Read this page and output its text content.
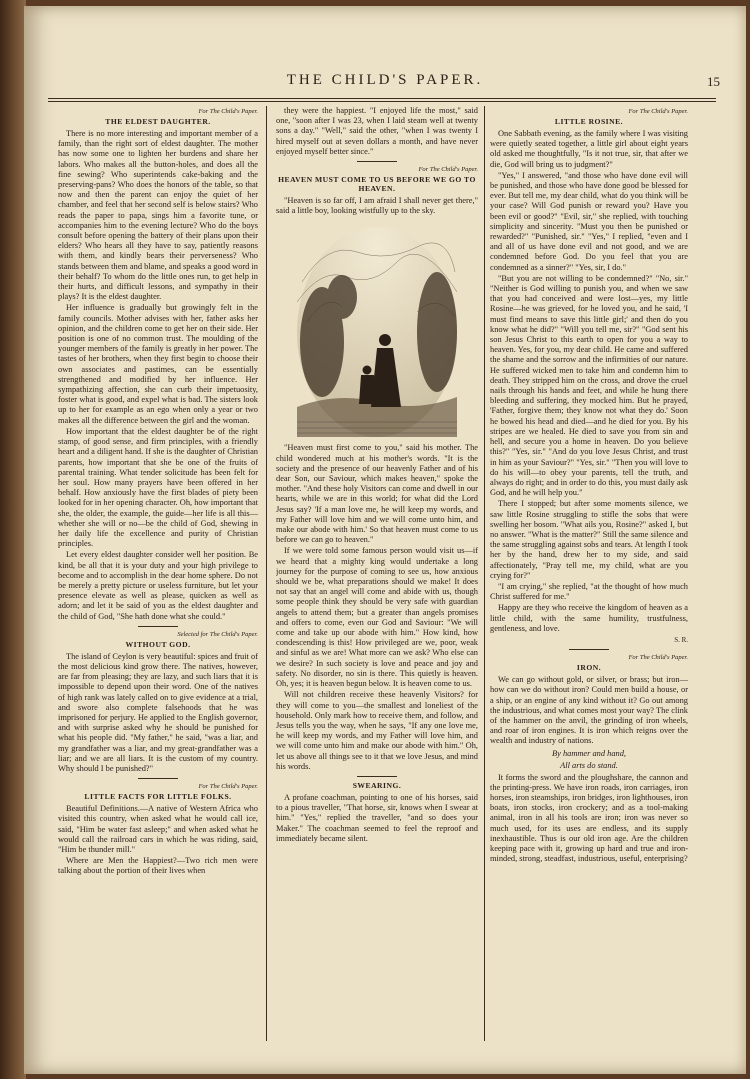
THE CHILD'S PAPER.	15
For The Child's Paper.
THE ELDEST DAUGHTER.

There is no more interesting and important member of a family, than the right sort of eldest daughter. The mother has now some one to lighten her burdens and share her labors. Who makes all the button-holes, and does all the fine sewing? Who superintends cake-baking and the preserving-pans? Who does the honors of the table, so that now and then the parent can enjoy the quiet of her chamber, and feel that her second self is below stairs? Who reads the paper to papa, sings him a favorite tune, or accompanies him to the evening lecture? Who do the boys consult before opening the battery of their plans upon their elders? Who hears all they have to say, patiently reasons with them, and kindly bears their perverseness? Who stands between them and blame, and speaks a good word in their behalf? To whom do the little ones run, to get help in their hurts, and difficult lessons, and sympathy in their plays? It is the eldest daughter.

Her influence is gradually but growingly felt in the family councils. Mother advises with her, father asks her opinion, and the children come to get her on their side. Her position is one of no common trust. The moulding of the younger members of the family is greatly in her power. The tastes of her brothers, when they first begin to choose their own associates and pastimes, can be essentially strengthened and modified by her influence. Her sympathizing affection, she can curb their impetuosity, foster what is good, and expel what is bad. The sisters look up to her for example as an ego when only a year or two makes all the difference between the girl and the woman.

How important that the eldest daughter be of the right stamp, of good sense, and firm principles, with a friendly heart and a diligent hand. If she is the daughter of Christian parents, how important that she be one of the fruits of parental training. What tender solicitude has been felt for her soul. How many prayers have been offered in her behalf. How anxiously have the first blades of piety been looked for in her opening character. Oh, how important that she, the older, the example, the guide—her life is all this—whether she will or no—be the child of God, shewing in her daily life the excellence and purity of Christian principles.

Let every eldest daughter consider well her position. Be kind, be all that it is your duty and your high privilege to become and to accomplish in the dear home sphere. Do not be merely a pretty picture or useless furniture, but let your presence elevate as well as please, quicken as well as adorn; and let it be said of you as the eldest daughter and the child of God, "She hath done what she could."

Selected for The Child's Paper.
WITHOUT GOD.

The island of Ceylon is very beautiful: spices and fruit of the most delicious kind grow there. The natives, however, are far from pleasing; they are lazy, and such liars that it is impossible to depend upon their word. One of the natives of high rank was lately called on to give evidence at a trial, and swore also complete falsehoods that he was imprisoned for perjury. He applied to the English governor, and with surprise asked why he should be punished for what his people did. "My father," he said, "was a liar, and my grandfather was a liar, and my great-grandfather was a liar; and we are all liars. It is the custom of my country. Why should I be punished?"

For The Child's Paper.
LITTLE FACTS FOR LITTLE FOLKS.

Beautiful Definitions.—A native of Western Africa who visited this country, when asked what he would call ice, said, "Him be water fast asleep;" and when asked what he would call the railroad cars in which he was riding, said, "Him be thunder mill."

Where are Men the Happiest?—Two rich men were talking about the portion of their lives when

they were the happiest. "I enjoyed life the most," said one, "soon after I was 23, when I laid steam well at twenty sons a day." "Well," said the other, "when I was twenty I hired myself out at seven dollars a month, and have never enjoyed myself better since."

For The Child's Paper.
HEAVEN MUST COME TO US BEFORE WE GO TO HEAVEN.

"Heaven is so far off, I am afraid I shall never get there," said a little boy, looking wistfully up to the sky.

"Heaven must first come to you," said his mother. The child wondered much at his mother's words. "It is the society and the presence of our heavenly Father and of his dear Son, our Saviour, which makes heaven," spoke the mother. "And these holy Visitors can come and dwell in our hearts, while we are in this world; for what did the Lord Jesus say? 'If a man love me, he will keep my words, and my Father will love him and we will come unto him, and make our abode with him.' So that heaven must come to us before we can go to heaven."

If we were told some famous person would visit us—if we heard that a mighty king would undertake a long journey for the purpose of coming to see us, how anxious should we be, what preparations should we make! It does not say that an angel will come and abide with us, though some people think they should be very safe with guardian angels to attend them; but a greater than angels promises and offers to come, even our God and Saviour: "We will come and take up our abode with him." How kind, how condescending is this! How privileged are we, poor, weak and sinful as we are! What more can we ask? Who else can we desire? In such society is love and peace and joy and safety. No disorder, no sin is there. This quietly is heaven. Oh, yes; it is heaven begun below. It is heaven come to us.

Will not children receive these heavenly Visitors? for they will come to you—the smallest and loneliest of the household. Only mark how to receive them, and follow, and Jesus tells you the way, when he says, "If any one love me, he will keep my words, and my Father will love him, and we will come unto him and make our abode with him." Oh, let us above all things see to it that we love Jesus, and mind his words.

SWEARING.

A profane coachman, pointing to one of his horses, said to a pious traveller, "That horse, sir, knows when I swear at him." "Yes," replied the traveller, "and so does your Maker." The coachman seemed to feel the reproof and immediately became silent.

For The Child's Paper.
LITTLE ROSINE.

One Sabbath evening, as the family where I was visiting were quietly seated together, a little girl about eight years old asked me thoughtfully, "Is it not true, sir, that after we die, God will bring us to judgment?"

"Yes," I answered, "and those who have done evil will be punished, and those who have done good be blessed for ever. But tell me, my dear child, what do you think will be your case? Will God punish or reward you? Have you been evil or good?" "Evil, sir," she replied, with touching simplicity and sincerity. "Must you then be punished or rewarded?" "Punished, sir." "Yes," I replied, "even and I and all of us have done evil and not good, and we are condemned before God. Do you feel that you are condemned as a sinner?" "Yes, sir, I do."

"But you are not willing to be condemned?" "No, sir." "Neither is God willing to punish you, and when we saw that you had conceived and were lost—yes, my little Rosine—he was grieved, for he loved you, and he said, 'I must find means to save this little girl;' and then do you know what he did?" "Will you tell me, sir?" "God sent his son Jesus Christ to this earth to open for you a way to heaven. Yes, for you, my dear child. He came and suffered the shame and the sorrow and the infirmities of our nature. He suffered wicked men to take him and condemn him to death. They stripped him on the cross, and drove the cruel nails through his hands and feet, and while he hung there bleeding and suffering, they mocked him. But he prayed, 'Father, forgive them; they know not what they do.' Soon he bowed his head and died—and he died for you. By his stripes are we healed. He died to save you from sin and hell, and secure you a home in heaven. Do you believe this?" "Yes, sir." "And do you love Jesus Christ, and trust in him as your Saviour?" "Yes, sir." "Then you will love to do his will—to obey your parents, tell the truth, and always do right; and in order to do this, you must daily ask God, and he will help you."

There I stopped; but after some moments silence, we saw little Rosine struggling to stifle the sobs that were swelling her bosom. "What ails you, Rosine?" asked I, but no answer. "What is the matter?" Still the same silence and the same struggling against sobs and tears. At length I took her by the hand, drew her to my side, and said affectionately, "Pray tell me, my child, what are you crying for?"

"I am crying," she replied, "at the thought of how much Christ suffered for me."

Happy are they who receive the kingdom of heaven as a little child, with the same humility, trustfulness, gentleness, and love.

S. R.
For The Child's Paper.
IRON.

We can go without gold, or silver, or brass; but iron—how can we do without iron? Could men build a house, or a ship, or an engine of any kind without it? Go out among the industrious, and what comes most your way? The clink of the hammer on the anvil, the grinding of iron wheels, and roar of iron engines. It is iron which reigns over the wealth and industry of nations.

By hammer and hand,
All arts do stand.

It forms the sword and the ploughshare, the cannon and the printing-press. We have iron roads, iron carriages, iron horses, iron steamships, iron bridges, iron lighthouses, iron boats, iron stocks, iron crockery; and as a tool-making animal, iron in all his tools are iron; iron was never so much used, for its uses are endless, and its supply inexhaustible. Thus is our old iron age. Are the children keeping pace with it, growing up hard and true and iron-minded, strong, steadfast, industrious, useful, enterprising?
